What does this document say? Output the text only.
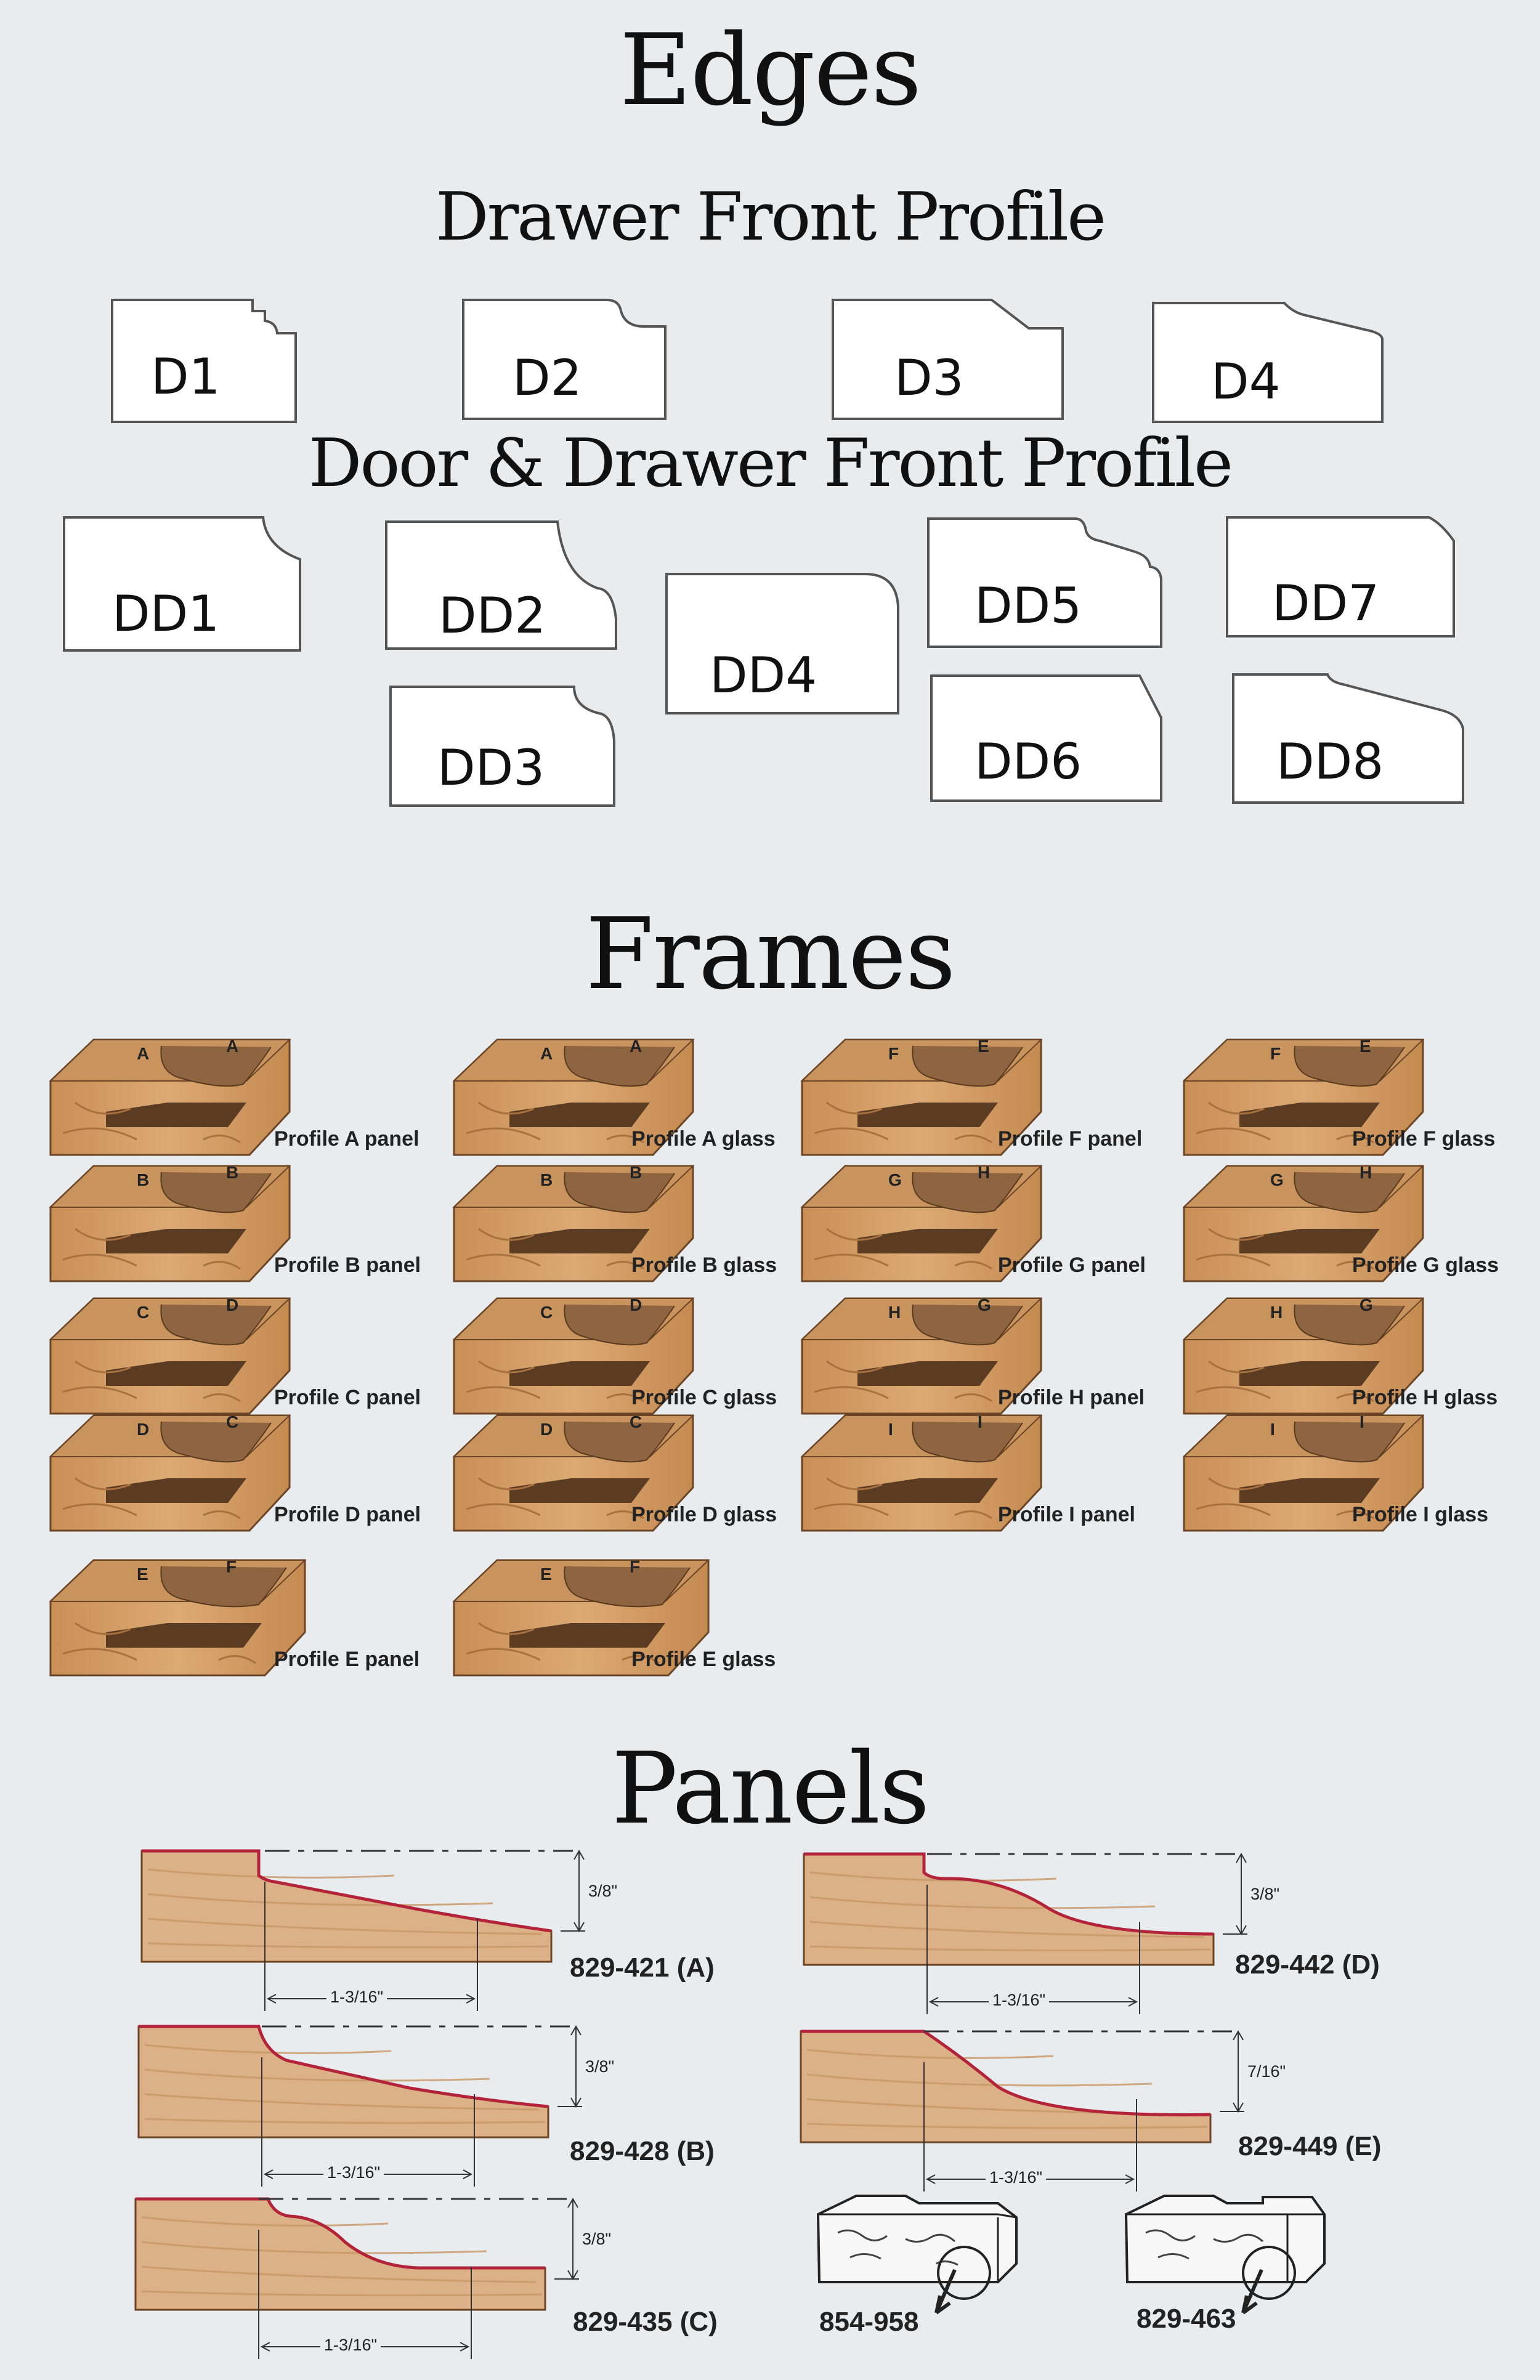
Edges
Drawer Front Profile
D1	D2	D3	D4
Door & Drawer Front Profile
DD1	DD2
DD3
DD4
DD5
DD6
DD7
DD8
Frames
A	A
Profile A panel
A	A
Profile A glass
F	E
Profile F panel
F	E
Profile F glass
B	B
Profile B panel
B	B
Profile B glass
G	H
Profile G panel
G	H
Profile G glass
C	D
Profile C panel
C	D
Profile C glass
H	G
Profile H panel
H	G
Profile H glass
D	C
Profile D panel
D	C
Profile D glass
I	I
Profile I panel
I	I
Profile I glass
E	F
Profile E panel
E	F
Profile E glass
Panels
3/8"
1-3/16"
829-421 (A)
3/8"
1-3/16"
829-442 (D)
3/8"
1-3/16"
829-428 (B)
7/16"
1-3/16"
829-449 (E)
3/8"
1-3/16"
829-435 (C)	854-958	829-463
